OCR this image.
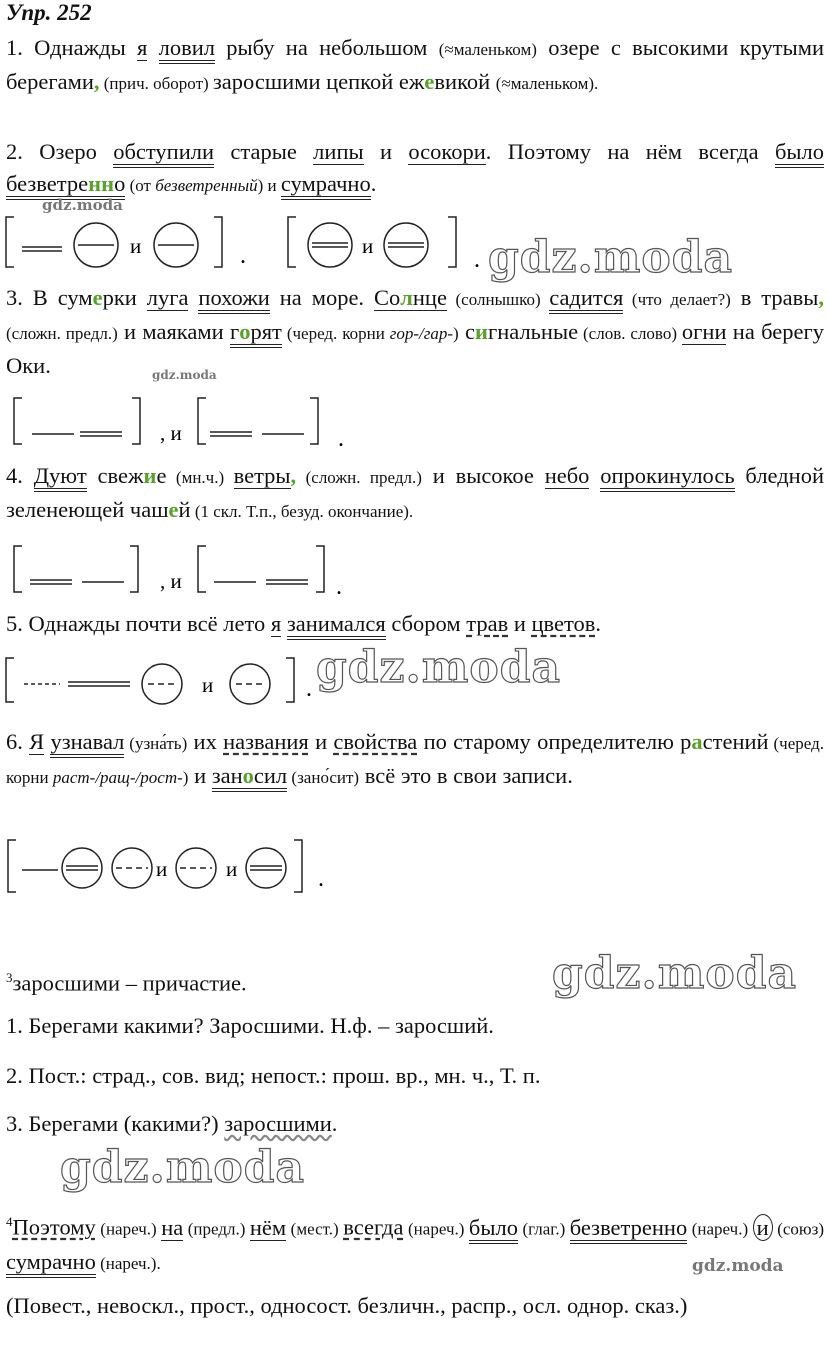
Упр. 252
1. Однажды я ловил рыбу на небольшом (≈маленьком) озере с высокими крутыми берегами, (прич. оборот) заросшими цепкой ежевикой (≈маленьком).
2. Озеро обступили старые липы и осокори. Поэтому на нём всегда было безветренно (от безветренный) и сумрачно.
и	.	и
.
3. В сумерки луга похожи на море. Солнце (солнышко) садится (что делает?) в травы, (сложн. предл.) и маяками горят (черед. корни гор-/гар-) сигнальные (слов. слово) огни на берегу Оки.
, и	.
4. Дуют свежие (мн.ч.) ветры, (сложн. предл.) и высокое небо опрокинулось бледной зеленеющей чашей (1 скл. Т.п., безуд. окончание).
, и	.
5. Однажды почти всё лето я занимался сбором трав и цветов.
и	.
6. Я узнавал (узна́ть) их названия и свойства по старому определителю растений (черед. корни раст-/ращ-/рост-) и заносил (зано́сит) всё это в свои записи.
и	и	.
$^3$заросшими – причастие.
1. Берегами какими? Заросшими. Н.ф. – заросший.
2. Пост.: страд., сов. вид; непост.: прош. вр., мн. ч., Т. п.
3. Берегами (какими?) заросшими.
$^4$Поэтому (нареч.) на (предл.) нём (мест.) всегда (нареч.) было (глаг.) безветренно (нареч.) и (союз) сумрачно (нареч.).
(Повест., невоскл., прост., односост. безличн., распр., осл. однор. сказ.)
gdz.moda
gdz.moda
gdz.moda
gdz.moda
gdz.moda
gdz.moda
gdz.moda
